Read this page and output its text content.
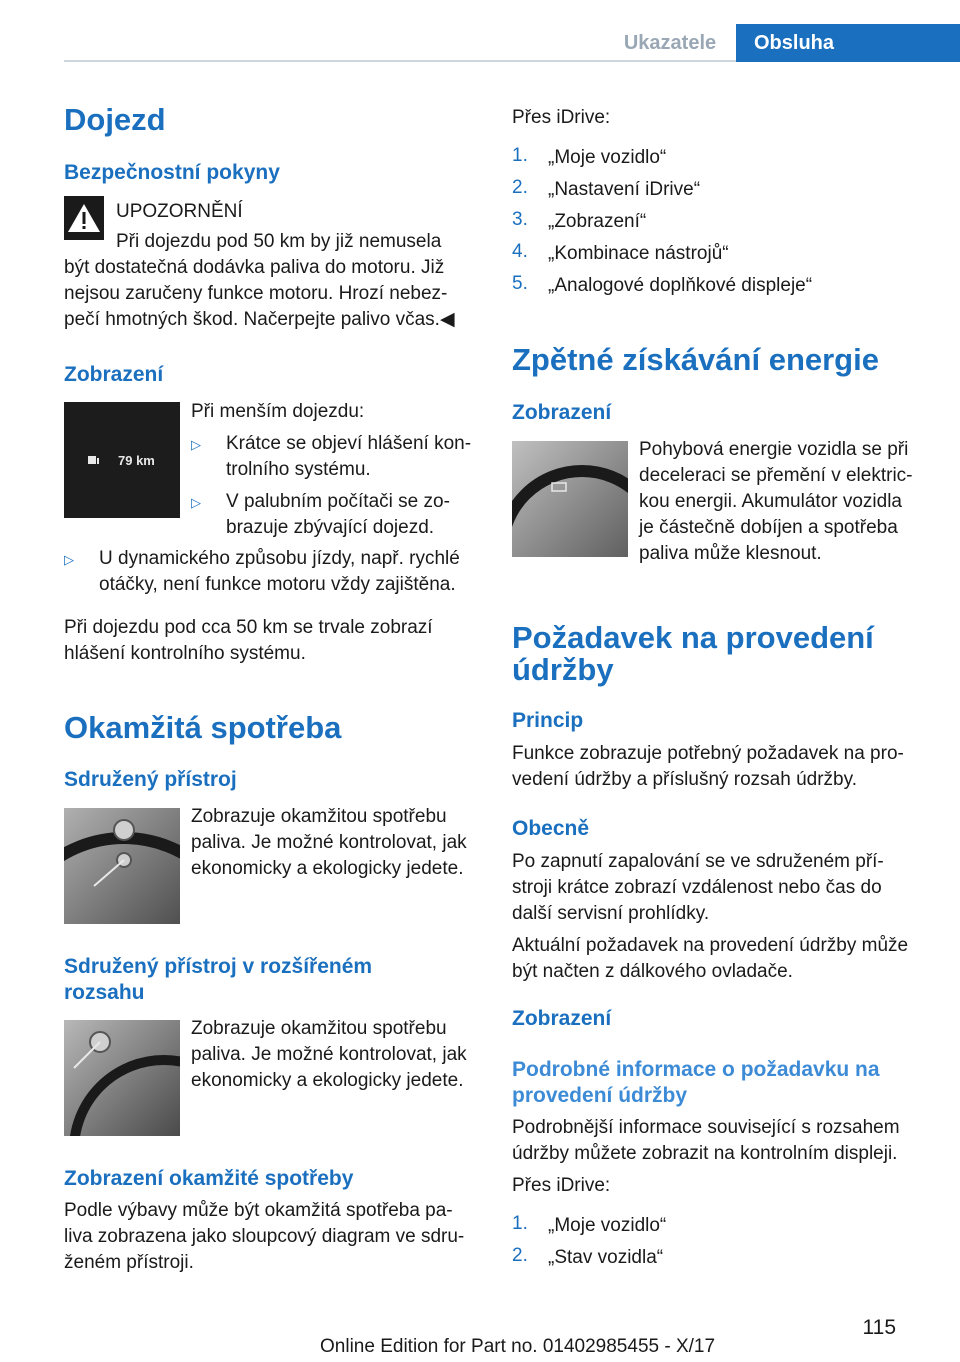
Ukazatele	Obsluha
Dojezd
Bezpečnostní pokyny
UPOZORNĚNÍ
Při dojezdu pod 50 km by již nemusela
být dostatečná dodávka paliva do motoru. Již
nejsou zaručeny funkce motoru. Hrozí nebez‐
pečí hmotných škod. Načerpejte palivo včas.◀
Zobrazení
79 km
Při menším dojezdu:
▷ Krátce se objeví hlášení kon‐
trolního systému.
▷ V palubním počítači se zo‐
brazuje zbývající dojezd.
▷ U dynamického způsobu jízdy, např. rychlé
otáčky, není funkce motoru vždy zajištěna.
Při dojezdu pod cca 50 km se trvale zobrazí
hlášení kontrolního systému.
Okamžitá spotřeba
Sdružený přístroj
Zobrazuje okamžitou spotřebu
paliva. Je možné kontrolovat, jak
ekonomicky a ekologicky jedete.
Sdružený přístroj v rozšířeném
rozsahu
Zobrazuje okamžitou spotřebu
paliva. Je možné kontrolovat, jak
ekonomicky a ekologicky jedete.
Zobrazení okamžité spotřeby
Podle výbavy může být okamžitá spotřeba pa‐
liva zobrazena jako sloupcový diagram ve sdru‐
ženém přístroji.
Přes iDrive:
1. „Moje vozidlo“
2. „Nastavení iDrive“
3. „Zobrazení“
4. „Kombinace nástrojů“
5. „Analogové doplňkové displeje“
Zpětné získávání energie
Zobrazení
Pohybová energie vozidla se při
deceleraci se přemění v elektric‐
kou energii. Akumulátor vozidla
je částečně dobíjen a spotřeba
paliva může klesnout.
Požadavek na provedení
údržby
Princip
Funkce zobrazuje potřebný požadavek na pro‐
vedení údržby a příslušný rozsah údržby.
Obecně
Po zapnutí zapalování se ve sdruženém pří‐
stroji krátce zobrazí vzdálenost nebo čas do
další servisní prohlídky.
Aktuální požadavek na provedení údržby může
být načten z dálkového ovladače.
Zobrazení
Podrobné informace o požadavku na
provedení údržby
Podrobnější informace související s rozsahem
údržby můžete zobrazit na kontrolním displeji.
Přes iDrive:
1. „Moje vozidlo“
2. „Stav vozidla“
115
Online Edition for Part no. 01402985455 - X/17
